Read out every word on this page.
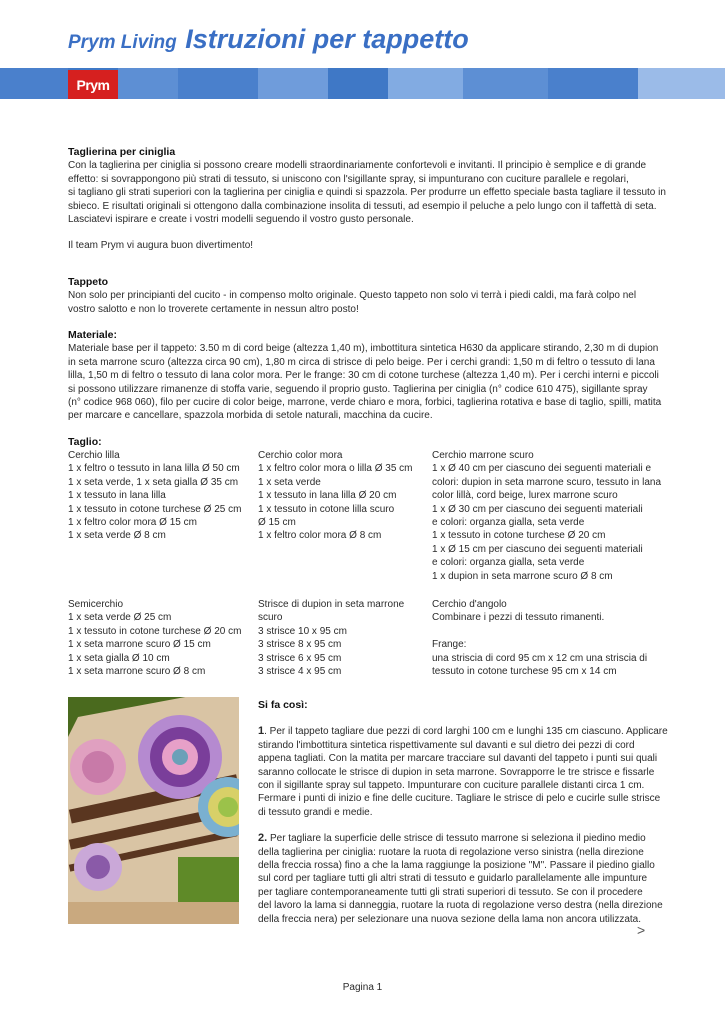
Prym Living Istruzioni per tappetto
Prym
Taglierina per ciniglia
Con la taglierina per ciniglia si possono creare modelli straordinariamente confortevoli e invitanti. Il principio è semplice e di grande
effetto: si sovrappongono più strati di tessuto, si uniscono con l'sigillante spray, si impunturano con cuciture parallele e regolari,
si tagliano gli strati superiori con la taglierina per ciniglia e quindi si spazzola. Per produrre un effetto speciale basta tagliare il tessuto in
sbieco. E risultati originali si ottengono dalla combinazione insolita di tessuti, ad esempio il peluche a pelo lungo con il taffettà di seta.
Lasciatevi ispirare e create i vostri modelli seguendo il vostro gusto personale.
Il team Prym vi augura buon divertimento!
Tappeto
Non solo per principianti del cucito - in compenso molto originale. Questo tappeto non solo vi terrà i piedi caldi, ma farà colpo nel
vostro salotto e non lo troverete certamente in nessun altro posto!
Materiale:
Materiale base per il tappeto: 3.50 m di cord beige (altezza 1,40 m), imbottitura sintetica H630 da applicare stirando, 2,30 m di dupion
in seta marrone scuro (altezza circa 90 cm), 1,80 m circa di strisce di pelo beige. Per i cerchi grandi: 1,50 m di feltro o tessuto di lana
lilla, 1,50 m di feltro o tessuto di lana color mora. Per le frange: 30 cm di cotone turchese (altezza 1,40 m). Per i cerchi interni e piccoli
si possono utilizzare rimanenze di stoffa varie, seguendo il proprio gusto. Taglierina per ciniglia (n° codice 610 475), sigillante spray
(n° codice 968 060), filo per cucire di color beige, marrone, verde chiaro e mora, forbici, taglierina rotativa e base di taglio, spilli, matita
per marcare e cancellare, spazzola morbida di setole naturali, macchina da cucire.
Taglio:
Cerchio lilla
1 x feltro o tessuto in lana lilla Ø 50 cm
1 x seta verde, 1 x seta gialla Ø 35 cm
1 x tessuto in lana lilla
1 x tessuto in cotone turchese Ø 25 cm
1 x feltro color mora Ø 15 cm
1 x seta verde Ø 8 cm
Cerchio color mora
1 x feltro color mora o lilla Ø 35 cm
1 x seta verde
1 x tessuto in lana lilla Ø 20 cm
1 x tessuto in cotone lilla scuro
Ø 15 cm
1 x feltro color mora Ø 8 cm
Cerchio marrone scuro
1 x Ø 40 cm per ciascuno dei seguenti materiali e
colori: dupion in seta marrone scuro, tessuto in lana
color lillà, cord beige, lurex marrone scuro
1 x Ø 30 cm per ciascuno dei seguenti materiali
e colori: organza gialla, seta verde
1 x tessuto in cotone turchese Ø 20 cm
1 x Ø 15 cm per ciascuno dei seguenti materiali
e colori: organza gialla, seta verde
1 x dupion in seta marrone scuro Ø 8 cm
Semicerchio
1 x seta verde Ø 25 cm
1 x tessuto in cotone turchese Ø 20 cm
1 x seta marrone scuro Ø 15 cm
1 x seta gialla Ø 10 cm
1 x seta marrone scuro Ø 8 cm
Strisce di dupion in seta marrone
scuro
3 strisce 10 x 95 cm
3 strisce 8 x 95 cm
3 strisce 6 x 95 cm
3 strisce 4 x 95 cm
Cerchio d'angolo
Combinare i pezzi di tessuto rimanenti.

Frange:
una striscia di cord 95 cm x 12 cm una striscia di
tessuto in cotone turchese 95 cm x 14 cm
Si fa così:
1. Per il tappeto tagliare due pezzi di cord larghi 100 cm e lunghi 135 cm ciascuno. Applicare
stirando l'imbottitura sintetica rispettivamente sul davanti e sul dietro dei pezzi di cord
appena tagliati. Con la matita per marcare tracciare sul davanti del tappeto i punti sui quali
saranno collocate le strisce di dupion in seta marrone. Sovrapporre le tre strisce e fissarle
con il sigillante spray sul tappeto. Impunturare con cuciture parallele distanti circa 1 cm.
Fermare i punti di inizio e fine delle cuciture. Tagliare le strisce di pelo e cucirle sulle strisce
di tessuto grandi e medie.
2. Per tagliare la superficie delle strisce di tessuto marrone si seleziona il piedino medio
della taglierina per ciniglia: ruotare la ruota di regolazione verso sinistra (nella direzione
della freccia rossa) fino a che la lama raggiunge la posizione "M". Passare il piedino giallo
sul cord per tagliare tutti gli altri strati di tessuto e guidarlo parallelamente alle impunture
per tagliare contemporaneamente tutti gli strati superiori di tessuto. Se con il procedere
del lavoro la lama si danneggia, ruotare la ruota di regolazione verso destra (nella direzione
della freccia nera) per selezionare una nuova sezione della lama non ancora utilizzata.
>
Pagina 1
